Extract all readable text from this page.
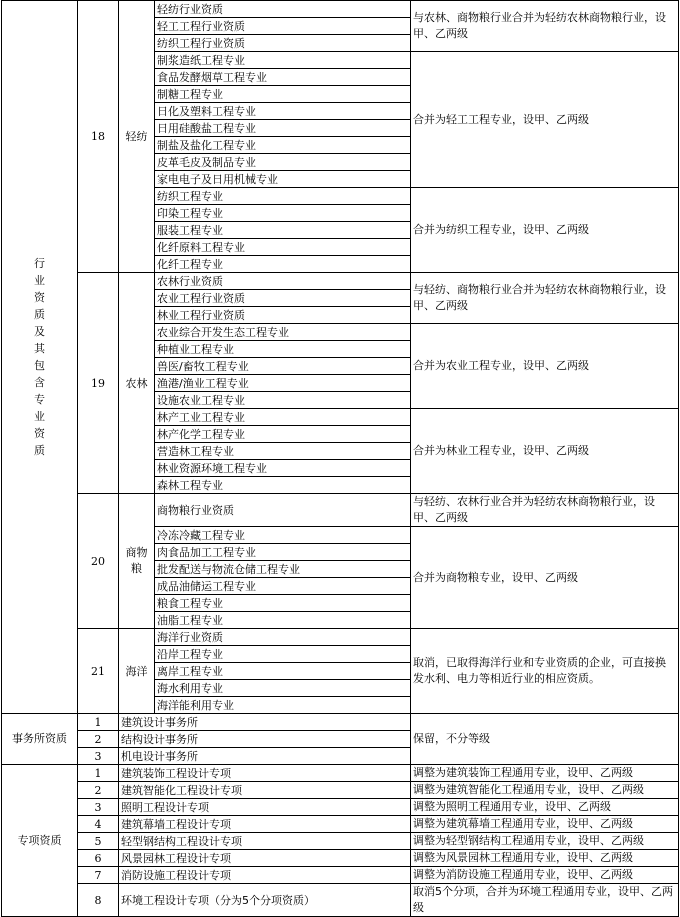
行业资质及其包含专业资质	18	轻纺	轻纺行业资质	与农林、商物粮行业合并为轻纺农林商物粮行业，设甲、乙两级
			轻工工程行业资质	
			纺织工程行业资质	
			制浆造纸工程专业	合并为轻工工程专业，设甲、乙两级
			食品发酵烟草工程专业	
			制糖工程专业	
			日化及塑料工程专业	
			日用硅酸盐工程专业	
			制盐及盐化工程专业	
			皮革毛皮及制品专业	
			家电电子及日用机械专业	
			纺织工程专业	合并为纺织工程专业，设甲、乙两级
			印染工程专业	
			服装工程专业	
			化纤原料工程专业	
			化纤工程专业	
	19	农林	农林行业资质	与轻纺、商物粮行业合并为轻纺农林商物粮行业，设甲、乙两级
			农业工程行业资质	
			林业工程行业资质	
			农业综合开发生态工程专业	合并为农业工程专业，设甲、乙两级
			种植业工程专业	
			兽医/畜牧工程专业	
			渔港/渔业工程专业	
			设施农业工程专业	
			林产工业工程专业	合并为林业工程专业，设甲、乙两级
			林产化学工程专业	
			营造林工程专业	
			林业资源环境工程专业	
			森林工程专业	
	20	商物粮	商物粮行业资质	与轻纺、农林行业合并为轻纺农林商物粮行业，设甲、乙两级
			冷冻冷藏工程专业	合并为商物粮专业，设甲、乙两级
			肉食品加工工程专业	
			批发配送与物流仓储工程专业	
			成品油储运工程专业	
			粮食工程专业	
			油脂工程专业	
	21	海洋	海洋行业资质	取消，已取得海洋行业和专业资质的企业，可直接换发水利、电力等相近行业的相应资质。
			沿岸工程专业	
			离岸工程专业	
			海水利用专业	
			海洋能利用专业	
事务所资质	1	建筑设计事务所		保留，不分等级
	2	结构设计事务所		
	3	机电设计事务所		
专项资质	1	建筑装饰工程设计专项		调整为建筑装饰工程通用专业，设甲、乙两级
	2	建筑智能化工程设计专项		调整为建筑智能化工程通用专业，设甲、乙两级
	3	照明工程设计专项		调整为照明工程通用专业，设甲、乙两级
	4	建筑幕墙工程设计专项		调整为建筑幕墙工程通用专业，设甲、乙两级
	5	轻型钢结构工程设计专项		调整为轻型钢结构工程通用专业，设甲、乙两级
	6	风景园林工程设计专项		调整为风景园林工程通用专业，设甲、乙两级
	7	消防设施工程设计专项		调整为消防设施工程通用专业，设甲、乙两级
	8	环境工程设计专项（分为5个分项资质）		取消5个分项，合并为环境工程通用专业，设甲、乙两级
